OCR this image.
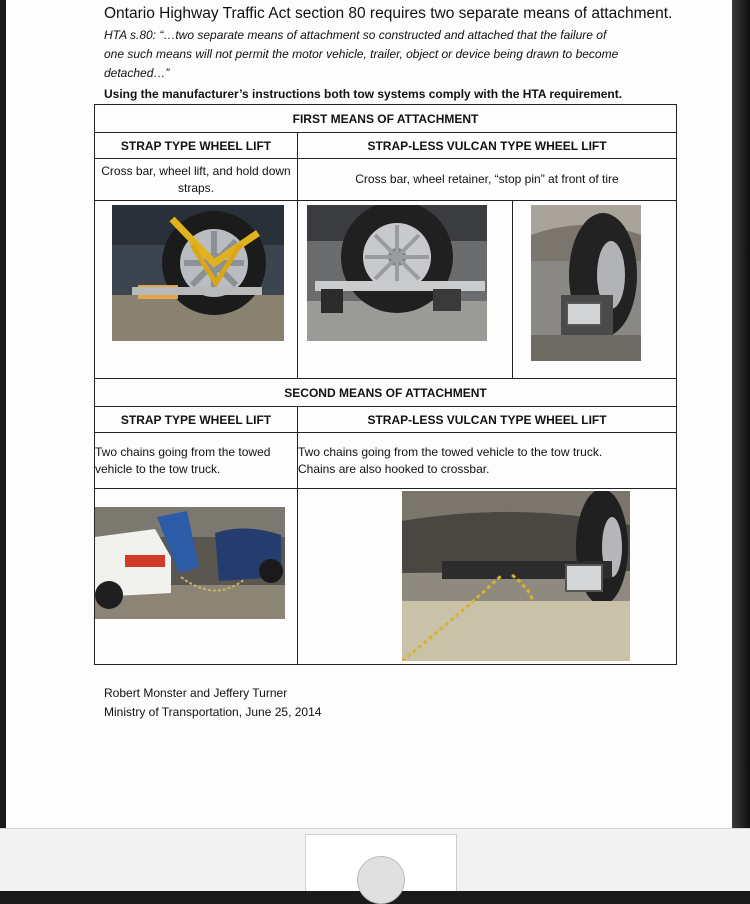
Ontario Highway Traffic Act section 80 requires two separate means of attachment.
HTA s.80: “…two separate means of attachment so constructed and attached that the failure of
one such means will not permit the motor vehicle, trailer, object or device being drawn to become
detached…”
Using the manufacturer’s instructions both tow systems comply with the HTA requirement.
FIRST MEANS OF ATTACHMENT		
STRAP TYPE WHEEL LIFT	STRAP-LESS VULCAN TYPE WHEEL LIFT	
Cross bar, wheel lift, and hold down straps.	Cross bar, wheel retainer, “stop pin” at front of tire	

SECOND MEANS OF ATTACHMENT		
STRAP TYPE WHEEL LIFT	STRAP-LESS VULCAN TYPE WHEEL LIFT	
Two chains going from the towed vehicle to the tow truck.	Two chains going from the towed vehicle to the tow truck.
Chains are also hooked to crossbar.	

Robert Monster and Jeffery Turner
Ministry of Transportation, June 25, 2014
